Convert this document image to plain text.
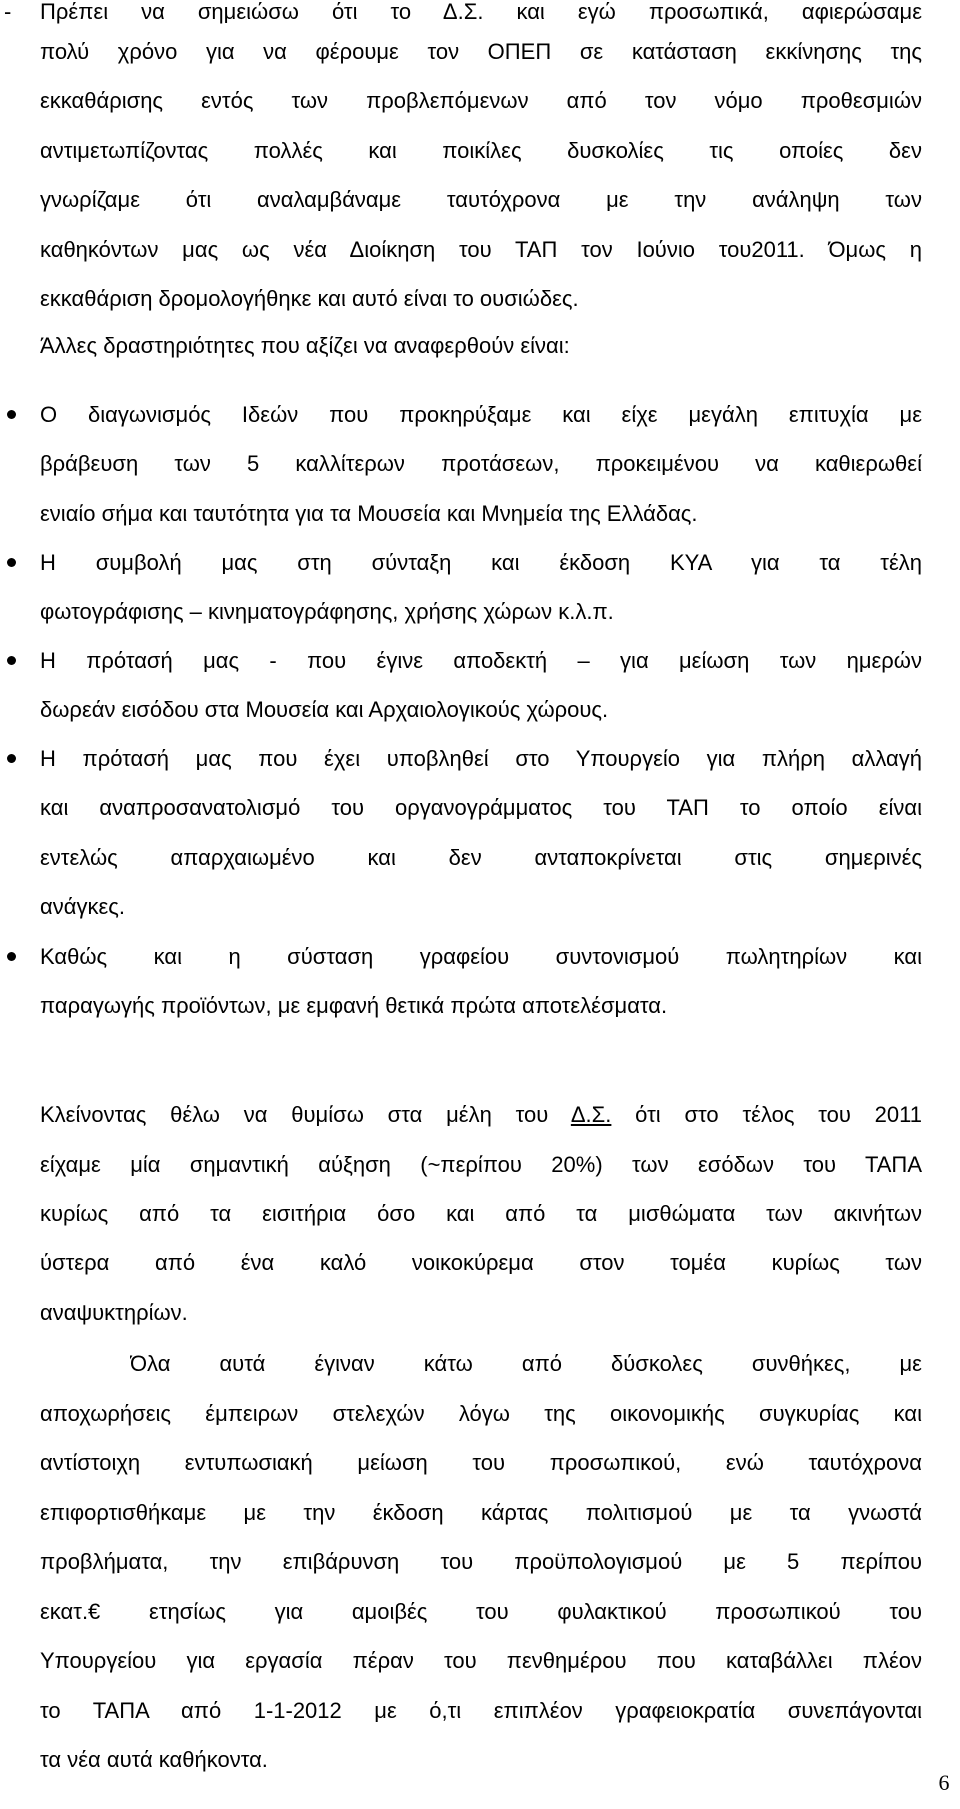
-	Πρέπει να σημειώσω ότι το Δ.Σ. και εγώ προσωπικά, αφιερώσαμε
πολύ χρόνο για να φέρουμε τον ΟΠΕΠ σε κατάσταση εκκίνησης της
εκκαθάρισης εντός των προβλεπόμενων από τον νόμο προθεσμιών
αντιμετωπίζοντας πολλές και ποικίλες δυσκολίες τις οποίες δεν
γνωρίζαμε ότι αναλαμβάναμε ταυτόχρονα με την ανάληψη των
καθηκόντων μας ως νέα Διοίκηση του ΤΑΠ τον Ιούνιο του2011. Όμως η
εκκαθάριση δρομολογήθηκε και αυτό είναι το ουσιώδες.
Άλλες δραστηριότητες που αξίζει να αναφερθούν είναι:
Ο διαγωνισμός Ιδεών που προκηρύξαμε και είχε μεγάλη επιτυχία με
βράβευση των 5 καλλίτερων προτάσεων, προκειμένου να καθιερωθεί
ενιαίο σήμα και ταυτότητα για τα Μουσεία και Μνημεία της Ελλάδας.
Η συμβολή μας στη σύνταξη και έκδοση ΚΥΑ για τα τέλη
φωτογράφισης – κινηματογράφησης, χρήσης χώρων κ.λ.π.
Η πρότασή μας - που έγινε αποδεκτή – για μείωση των ημερών
δωρεάν εισόδου στα Μουσεία και Αρχαιολογικούς χώρους.
Η πρότασή μας που έχει υποβληθεί στο Υπουργείο για πλήρη αλλαγή
και αναπροσανατολισμό του οργανογράμματος του ΤΑΠ το οποίο είναι
εντελώς απαρχαιωμένο και δεν ανταποκρίνεται στις σημερινές
ανάγκες.
Καθώς και η σύσταση γραφείου συντονισμού πωλητηρίων και
παραγωγής προϊόντων, με εμφανή θετικά πρώτα αποτελέσματα.
Κλείνοντας θέλω να θυμίσω στα μέλη του Δ.Σ. ότι στο τέλος του 2011
είχαμε μία σημαντική αύξηση (~περίπου 20%) των εσόδων του ΤΑΠΑ
κυρίως από τα εισιτήρια όσο και από τα μισθώματα των ακινήτων
ύστερα από ένα καλό νοικοκύρεμα στον τομέα κυρίως των
αναψυκτηρίων.
Όλα αυτά έγιναν κάτω από δύσκολες συνθήκες, με
αποχωρήσεις έμπειρων στελεχών λόγω της οικονομικής συγκυρίας και
αντίστοιχη εντυπωσιακή μείωση του προσωπικού, ενώ ταυτόχρονα
επιφορτισθήκαμε με την έκδοση κάρτας πολιτισμού με τα γνωστά
προβλήματα, την επιβάρυνση του προϋπολογισμού με 5 περίπου
εκατ.€ ετησίως για αμοιβές του φυλακτικού προσωπικού του
Υπουργείου για εργασία πέραν του πενθημέρου που καταβάλλει πλέον
το ΤΑΠΑ από 1-1-2012 με ό,τι επιπλέον γραφειοκρατία συνεπάγονται
τα νέα αυτά καθήκοντα.
6
